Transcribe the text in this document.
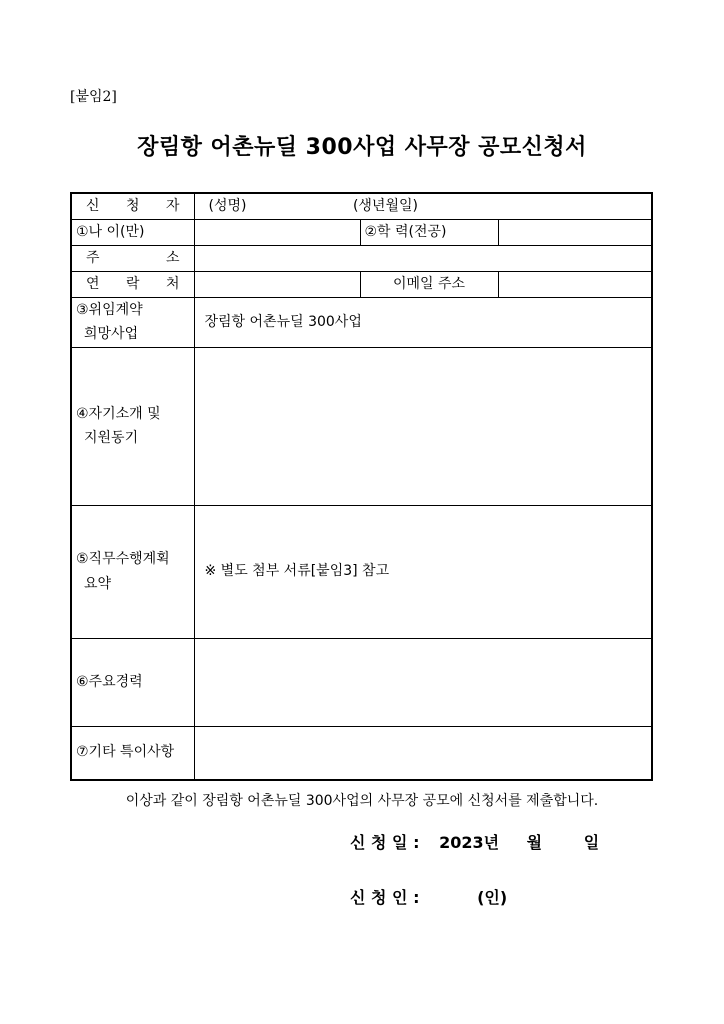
[붙임2]
장림항 어촌뉴딜 300사업 사무장 공모신청서
신 청 자	(성명) (생년월일)		
①나 이(만)		②학 력(전공)	
주 소			
연 락 처		이메일 주소	

③위임계약
희망사업	장림항 어촌뉴딜 300사업		

④자기소개 및
지원동기			

⑤직무수행계획
요약	※ 별도 첨부 서류[붙임3] 참고		
⑥주요경력			
⑦기타 특이사항			
이상과 같이 장림항 어촌뉴딜 300사업의 사무장 공모에 신청서를 제출합니다.
신 청 일 : 2023년 월	일
신 청 인 :	(인)
